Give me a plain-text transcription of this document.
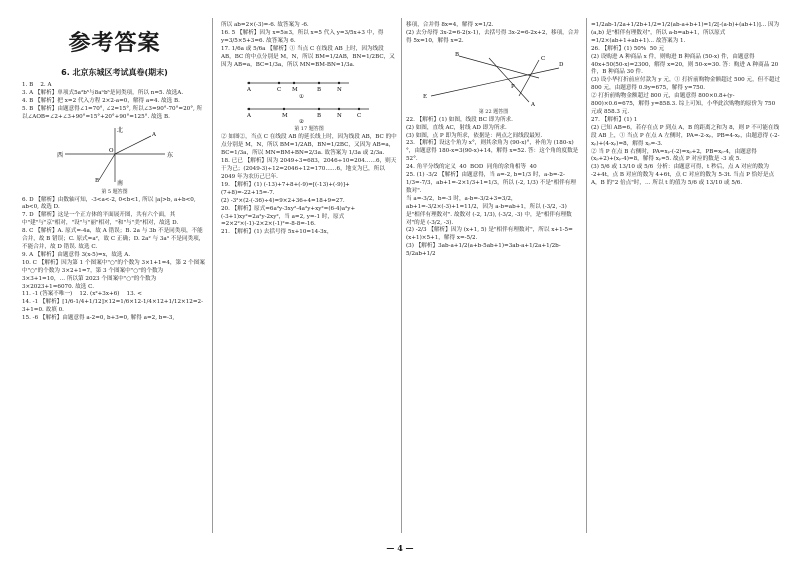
参考答案
6. 北京东城区考试真卷(期末)

1. B    2. A

3. A 【解析】单项式5a²b⁵与8aⁿb⁵是同类项，所以 n=5. 故选A.

4. B 【解析】把 x=2 代入方程 2×2-a=0，解得 a=4. 故选 B.

5. B 【解析】由题意得∠1=70°, ∠2=15°, 所以∠3=90°-70°=20°, 所以∠AOB=∠2+∠3+90°=15°+20°+90°=125°. 故选 B.

北
南
西	东
A
B
O
第 5 题答图

6. D 【解析】由数轴可知，-3<a<-2, 0<b<1, 所以 |a|>b, a+b<0, ab<0, 故选 D.

7. D 【解析】这是一个正方体的平面展开图，共有六个面，其中"建"与"京"相对，"设"与"丽"相对，"和"与"美"相对，故选 D.

8. C 【解析】A. 原式=-4a，故 A 错误；B. 2a 与 3b 不是同类项，不能合并，故 B 错误；C. 原式=a²，故 C 正确；D. 2a² 与 3a³ 不是同类项，不能合并，故 D 错误. 故选 C.

9. A 【解析】由题意得 3(x-5)=x，故选 A.

10. C 【解析】因为第 1 个图案中"○"的个数为 3×1+1=4，第 2 个图案中"○"的个数为 3×2+1=7，第 3 个图案中"○"的个数为 3×3+1=10，… 所以第 2023 个图案中"○"的个数为 3×2023+1=6070. 故选 C.

11. -1 (答案不唯一)    12. (x²+3x+6)    13. <

14. -1 【解析】[1/6-1/4+1/12]×12=1/6×12-1/4×12+1/12×12=2-3+1=0. 故填 0.

15. -6 【解析】由题意得 a-2=0, b+3=0, 解得 a=2, b=-3,

所以 ab=2×(-3)=-6. 故答案为 -6.

16. 5 【解析】因为 x=5≥3，所以 x=5 代入 y=3/5x+3 中，得 y=3/5×5+3=6. 故答案为 6.

17. 1/6a 或 5/6a 【解析】① 当点 C 在线段 AB 上时，因为线段 AB，BC 的中点分别是 M，N，所以 BM=1/2AB，BN=1/2BC，又因为 AB=a，BC=1/3a，所以 MN=BM-BN=1/3a.

A	C M	B	N
①
A	M	B	N	C
②
第 17 题答图

② 如图②，当点 C 在线段 AB 的延长线上时，因为线段 AB，BC 的中点分别是 M，N，所以 BM=1/2AB，BN=1/2BC，又因为 AB=a，BC=1/3a，所以 MN=BM+BN=2/3a. 故答案为 1/3a 或 2/3a.

18. 已已 【解析】因为 2049÷3=683，2046÷10=204……6，则天干为己；(2049-3)÷12=2046÷12=170……6，地支为巳，所以 2049 年为农历己巳年.

19. 【解析】(1) (-13)+7+8+(-9)=[(-13)+(-9)]+(7+8)=-22+15=-7.

(2) -3²×(2-(-36)÷4)=9×2+36÷4=18+9=27.

20. 【解析】原式=6a²y-3xy²-4a²y+xy²=(6-4)a²y+(-3+1)xy²=2a²y-2xy²，当 a=2, y=-1 时，原式=2×2²×(-1)-2×2×(-1)²=-8-8=-16.

21. 【解析】(1) 去括号得 5x+10=14-3x，

移项，合并得 8x=4，解得 x=1/2.

(2) 去分母得 3x-2=6-2(x-1)，去括号得 3x-2=6-2x+2，移项，合并得 5x=10，解得 x=2.

A
B
C
D
E
P
第 22 题答图

22. 【解析】(1) 如图，线段 BC 即为所求.

(2) 如图，直线 AC，射线 AD 即为所求.

(3) 如图，点 P 即为所求，依据是：两点之间线段最短.

23. 【解析】设这个角为 x°，则其余角为 (90-x)°，补角为 (180-x)°，由题意得 180-x=3(90-x)+14，解得 x=52. 答：这个角的度数是 52°.

24. 角平分线的定义  40  BOD  同角的余角相等  40

25. (1) -3/2 【解析】由题意得，当 a=-2, b=1/3 时，a-b=-2-1/3=-7/3，ab+1=-2×1/3+1=1/3，所以 (-2, 1/3) 不是"相伴有理数对".

当 a=-3/2，b=-3 时，a-b=-3/2+3=3/2，ab+1=-3/2×(-3)+1=11/2，因为 a-b=ab+1，所以 (-3/2, -3) 是"相伴有理数对". 故数对 (-2, 1/3), (-3/2, -3) 中，是"相伴有理数对"的是 (-3/2, -3).

(2) -2/3 【解析】因为 (x+1, 5) 是"相伴有理数对"，所以 x+1-5=(x+1)×5+1，解得 x=-5/2.

(3) 【解析】3ab-a+1/2(a+b-5ab+1)=3ab-a+1/2a+1/2b-5/2ab+1/2

=1/2ab-1/2a+1/2b+1/2=1/2(ab-a+b+1)=1/2[-(a-b)+(ab+1)]... 因为 (a,b) 是"相伴有理数对"，所以 a-b=ab+1，所以原式=1/2×(ab+1+ab+1)... 故答案为 1.

26. 【解析】(1) 50%  50 元

(2) 设购进 A 种商品 x 件，则购进 B 种商品 (50-x) 件，由题意得 40x+50(50-x)=2300，解得 x=20，则 50-x=30. 答：购进 A 种商品 20 件，B 种商品 30 件.

(3) 设小华打折前应付款为 y 元，① 打折前购物金额超过 500 元，但不超过 800 元，由题意得 0.9y=675，解得 y=750.

② 打折前购物金额超过 800 元，由题意得 800×0.8+(y-800)×0.6=675，解得 y=858.3. 综上可知，小华此次购物的原价为 750 元或 858.3 元.

27. 【解析】(1) 1

(2) 已知 AB=6，若存在点 P 到点 A，B 的距离之和为 8，则 P 不可能在线段 AB 上，① 当点 P 在点 A 左侧时，PA=-2-xₚ，PB=4-xₚ，由题意得 (-2-xₚ)+(4-xₚ)=8，解得 xₚ=-3.

② 当 P 在点 B 右侧时，PA=xₚ-(-2)=xₚ+2，PB=xₚ-4，由题意得 (xₚ+2)+(xₚ-4)=8，解得 xₚ=5. 故点 P 对应的数是 -3 或 5.

(3) 5/6 或 13/10 或 5/6  分析：由题意可得，t 秒后，点 A 对应的数为 -2+4t，点 B 对应的数为 4+6t，点 C 对应的数为 5-3t. 当点 P 恰好是点 A，B 的"2 倍点"时，… 所以 t 的值为 5/6 或 13/10 或 5/6.

— 4 —
